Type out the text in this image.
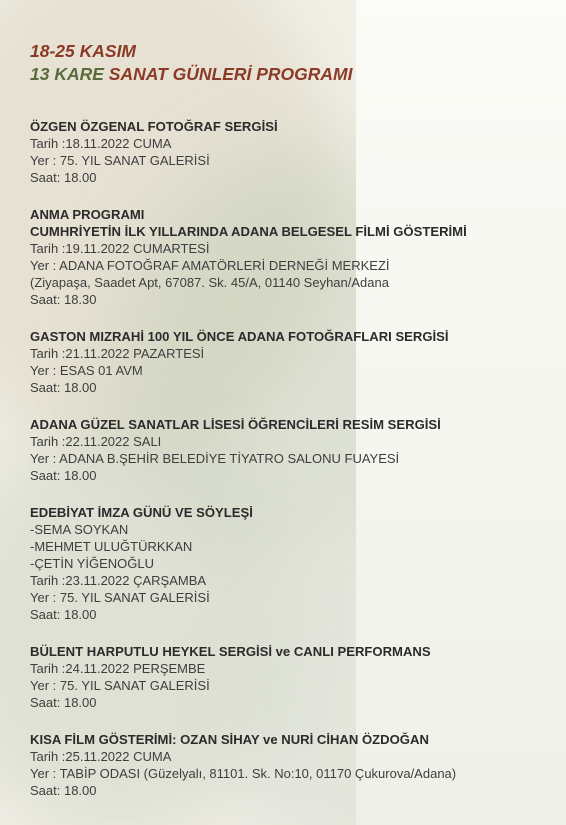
18-25 KASIM
13 KARE SANAT GÜNLERİ PROGRAMI
ÖZGEN ÖZGENAL FOTOĞRAF SERGİSİ
Tarih :18.11.2022 CUMA
Yer : 75. YIL SANAT GALERİSİ
Saat: 18.00
ANMA PROGRAMI
CUMHRİYETİN İLK YILLARINDA ADANA BELGESEL FİLMİ GÖSTERİMİ
Tarih :19.11.2022 CUMARTESİ
Yer : ADANA FOTOĞRAF AMATÖRLERİ DERNEĞİ MERKEZİ
(Ziyapaşa, Saadet Apt, 67087. Sk. 45/A, 01140 Seyhan/Adana
Saat: 18.30
GASTON MIZRAHİ 100 YIL ÖNCE ADANA FOTOĞRAFLARI SERGİSİ
Tarih :21.11.2022 PAZARTESİ
Yer : ESAS 01 AVM
Saat: 18.00
ADANA GÜZEL SANATLAR LİSESİ ÖĞRENCİLERİ RESİM SERGİSİ
Tarih :22.11.2022 SALI
Yer : ADANA B.ŞEHİR BELEDİYE TİYATRO SALONU FUAYESİ
Saat: 18.00
EDEBİYAT İMZA GÜNÜ VE SÖYLEŞİ
-SEMA SOYKAN
-MEHMET ULUĞTÜRKKAN
-ÇETİN YİĞENOĞLU
Tarih :23.11.2022 ÇARŞAMBA
Yer : 75. YIL SANAT GALERİSİ
Saat: 18.00
BÜLENT HARPUTLU HEYKEL SERGİSİ ve CANLI PERFORMANS
Tarih :24.11.2022 PERŞEMBE
Yer : 75. YIL SANAT GALERİSİ
Saat: 18.00
KISA FİLM GÖSTERİMİ: OZAN SİHAY ve NURİ CİHAN ÖZDOĞAN
Tarih :25.11.2022 CUMA
Yer : TABİP ODASI (Güzelyalı, 81101. Sk. No:10, 01170 Çukurova/Adana)
Saat: 18.00
